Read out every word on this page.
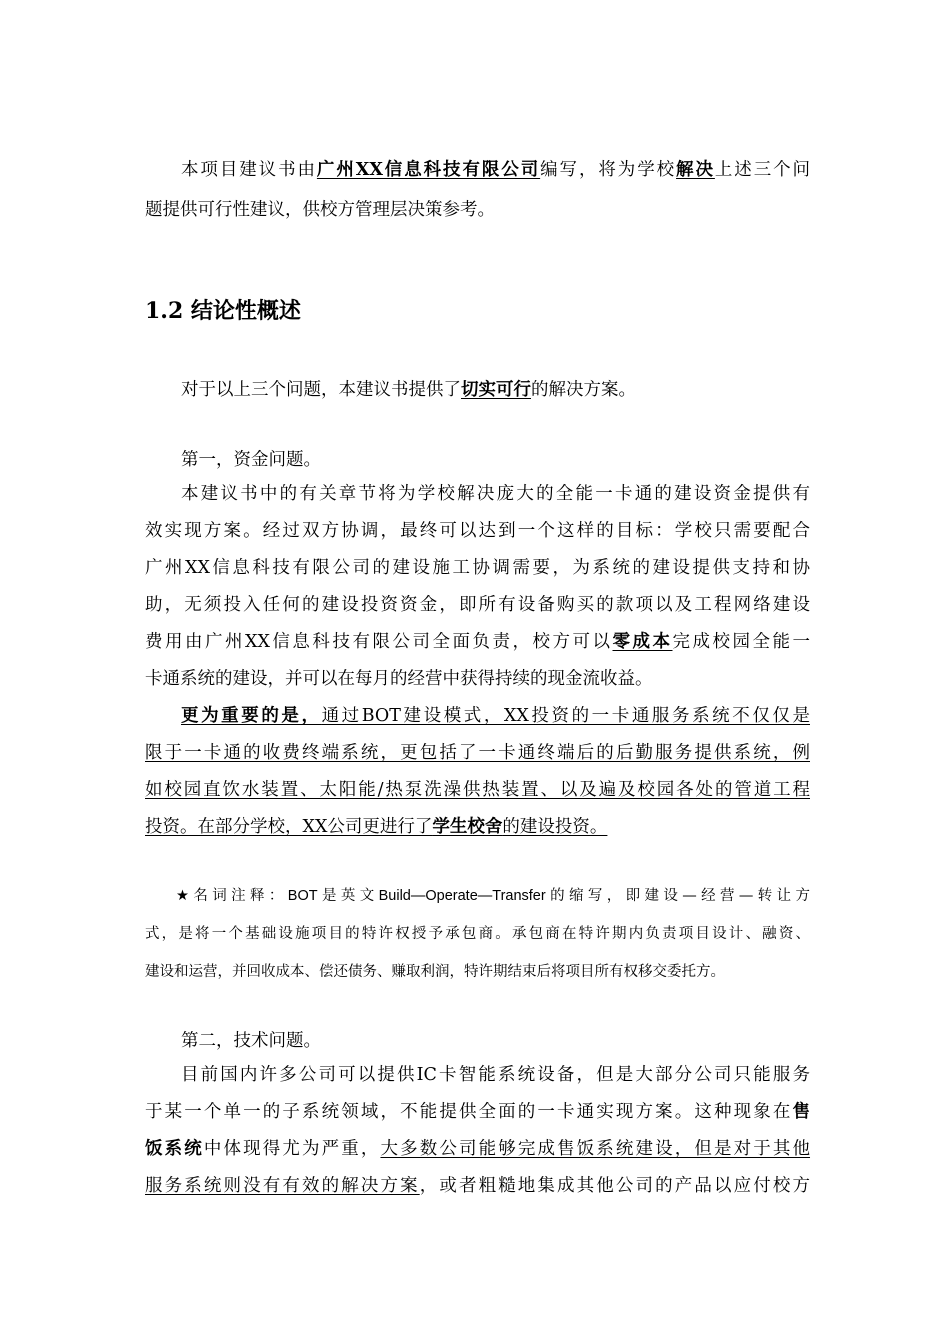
本项目建议书由广州XX信息科技有限公司编写，将为学校解决上述三个问
题提供可行性建议，供校方管理层决策参考。
1.2 结论性概述
对于以上三个问题，本建议书提供了切实可行的解决方案。
第一，资金问题。
本建议书中的有关章节将为学校解决庞大的全能一卡通的建设资金提供有
效实现方案。经过双方协调，最终可以达到一个这样的目标：学校只需要配合
广州XX信息科技有限公司的建设施工协调需要，为系统的建设提供支持和协
助，无须投入任何的建设投资资金，即所有设备购买的款项以及工程网络建设
费用由广州XX信息科技有限公司全面负责，校方可以零成本完成校园全能一
卡通系统的建设，并可以在每月的经营中获得持续的现金流收益。
更为重要的是，通过BOT建设模式，XX投资的一卡通服务系统不仅仅是
限于一卡通的收费终端系统，更包括了一卡通终端后的后勤服务提供系统，例
如校园直饮水装置、太阳能/热泵洗澡供热装置、以及遍及校园各处的管道工程
投资。在部分学校，XX公司更进行了学生校舍的建设投资。
★名词注释：BOT是英文Build—Operate—Transfer的缩写，即建设—经营—转让方
式，是将一个基础设施项目的特许权授予承包商。承包商在特许期内负责项目设计、融资、
建设和运营，并回收成本、偿还债务、赚取利润，特许期结束后将项目所有权移交委托方。
第二，技术问题。
目前国内许多公司可以提供IC卡智能系统设备，但是大部分公司只能服务
于某一个单一的子系统领域，不能提供全面的一卡通实现方案。这种现象在售
饭系统中体现得尤为严重，大多数公司能够完成售饭系统建设，但是对于其他
服务系统则没有有效的解决方案，或者粗糙地集成其他公司的产品以应付校方
